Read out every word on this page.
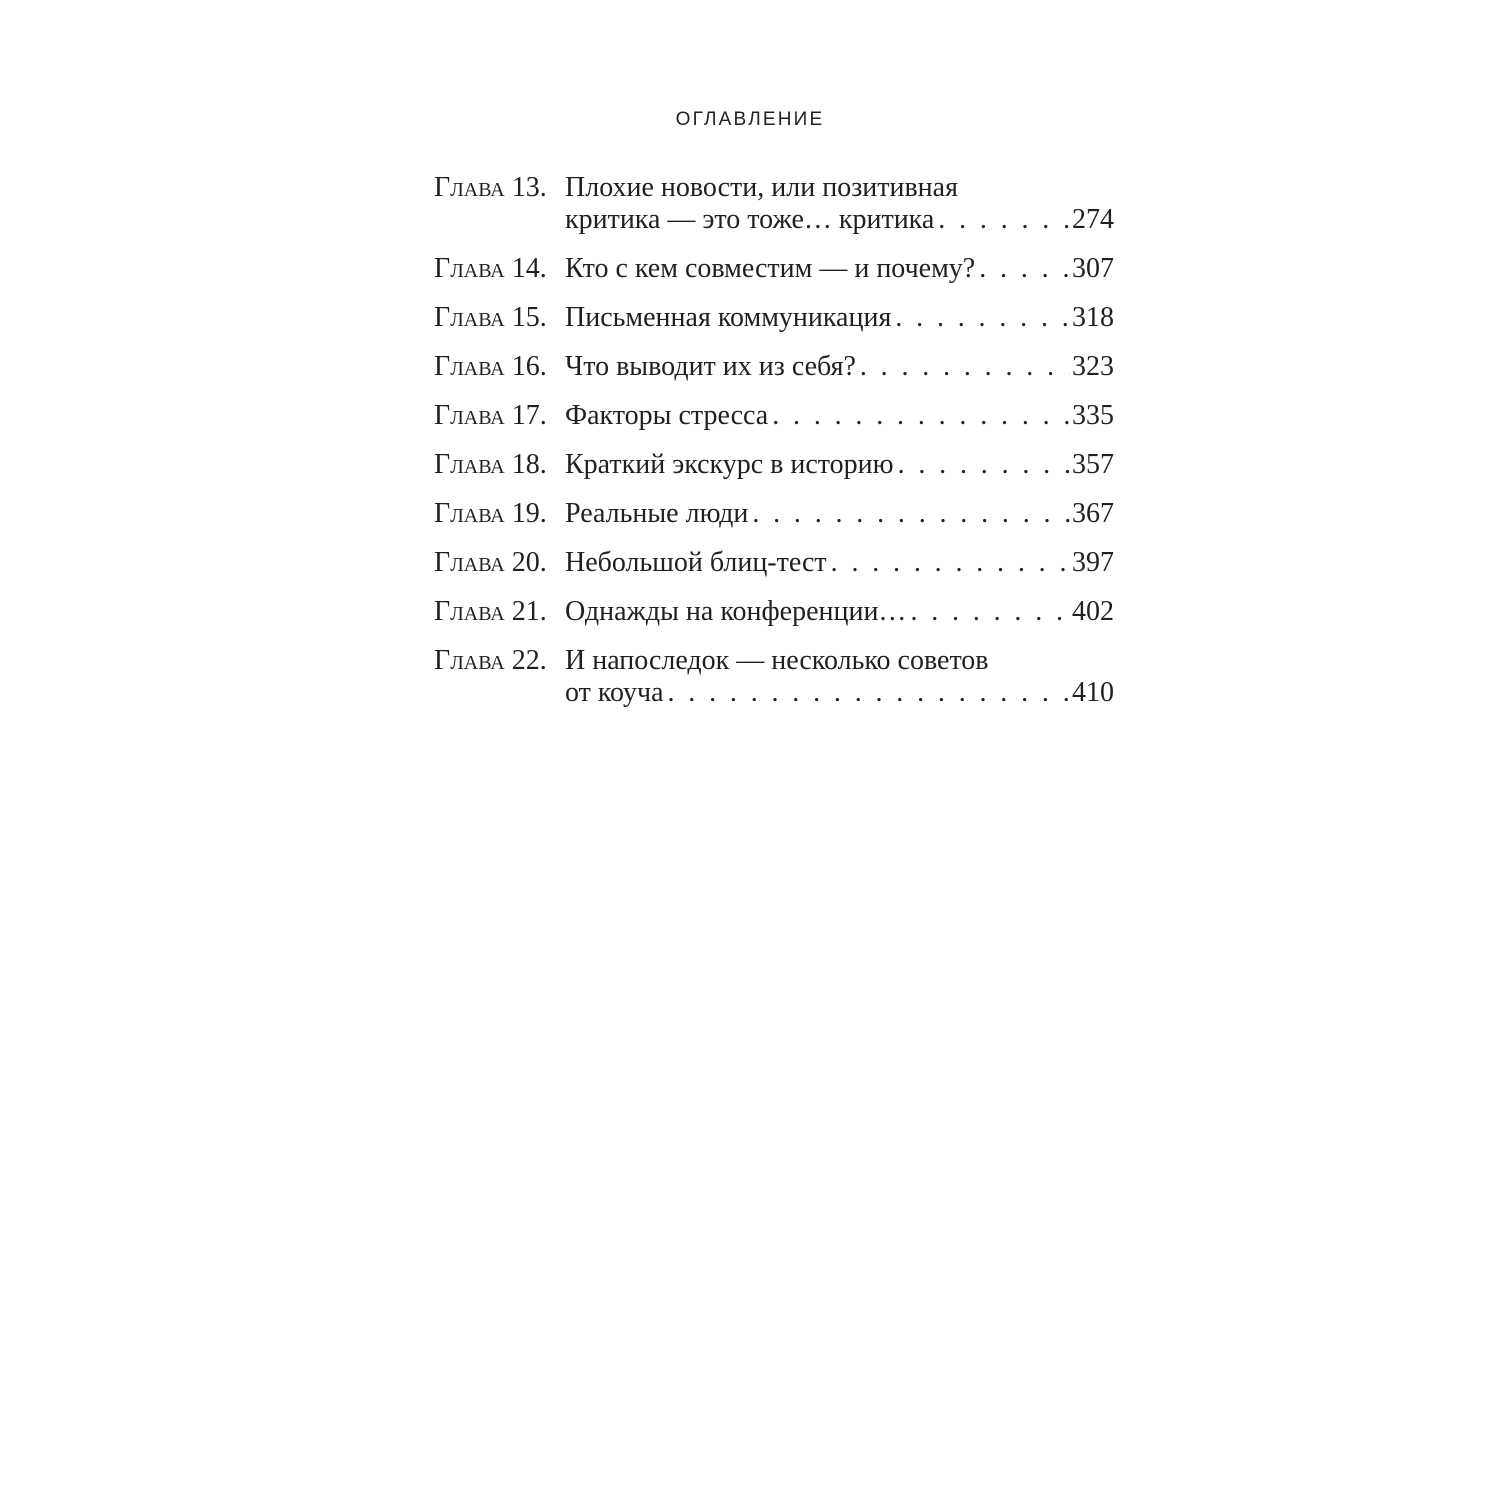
ОГЛАВЛЕНИЕ
Глава 13. Плохие новости, или позитивная
критика — это тоже… критика . . .	274
Глава 14. Кто с кем совместим — и почему? . . .	307
Глава 15. Письменная коммуникация . . .	318
Глава 16. Что выводит их из себя? . . .	323
Глава 17. Факторы стресса . . .	335
Глава 18. Краткий экскурс в историю . . .	357
Глава 19. Реальные люди . . .	367
Глава 20. Небольшой блиц-тест . . .	397
Глава 21. Однажды на конференции… . . .	402
Глава 22. И напоследок — несколько советов
от коуча . . .	410
